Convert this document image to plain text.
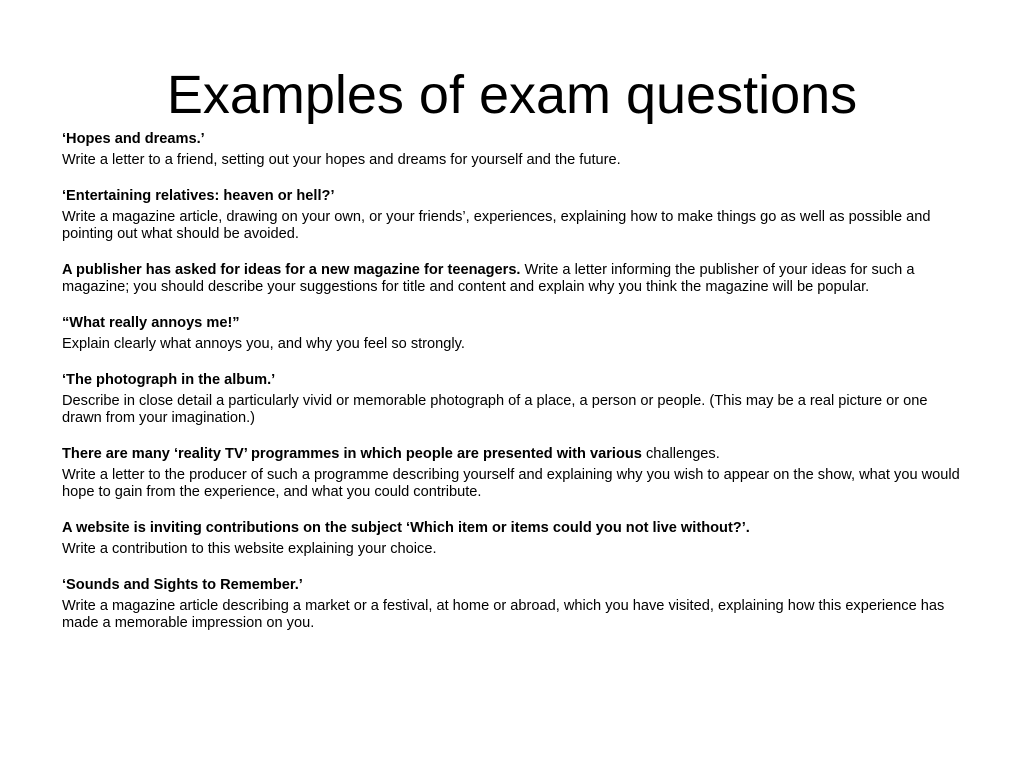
Examples of exam questions
‘Hopes and dreams.’
Write a letter to a friend, setting out your hopes and dreams for yourself and the future.
‘Entertaining relatives: heaven or hell?’
Write a magazine article, drawing on your own, or your friends’, experiences, explaining how to make things go as well as possible and pointing out what should be avoided.
A publisher has asked for ideas for a new magazine for teenagers. Write a letter informing the publisher of your ideas for such a magazine; you should describe your suggestions for title and content and explain why you think the magazine will be popular.
“What really annoys me!”
Explain clearly what annoys you, and why you feel so strongly.
‘The photograph in the album.’
Describe in close detail a particularly vivid or memorable photograph of a place, a person or people. (This may be a real picture or one drawn from your imagination.)
There are many ‘reality TV’ programmes in which people are presented with various challenges.
Write a letter to the producer of such a programme describing yourself and explaining why you wish to appear on the show, what you would hope to gain from the experience, and what you could contribute.
A website is inviting contributions on the subject ‘Which item or items could you not live without?’.
Write a contribution to this website explaining your choice.
‘Sounds and Sights to Remember.’
Write a magazine article describing a market or a festival, at home or abroad, which you have visited, explaining how this experience has made a memorable impression on you.
